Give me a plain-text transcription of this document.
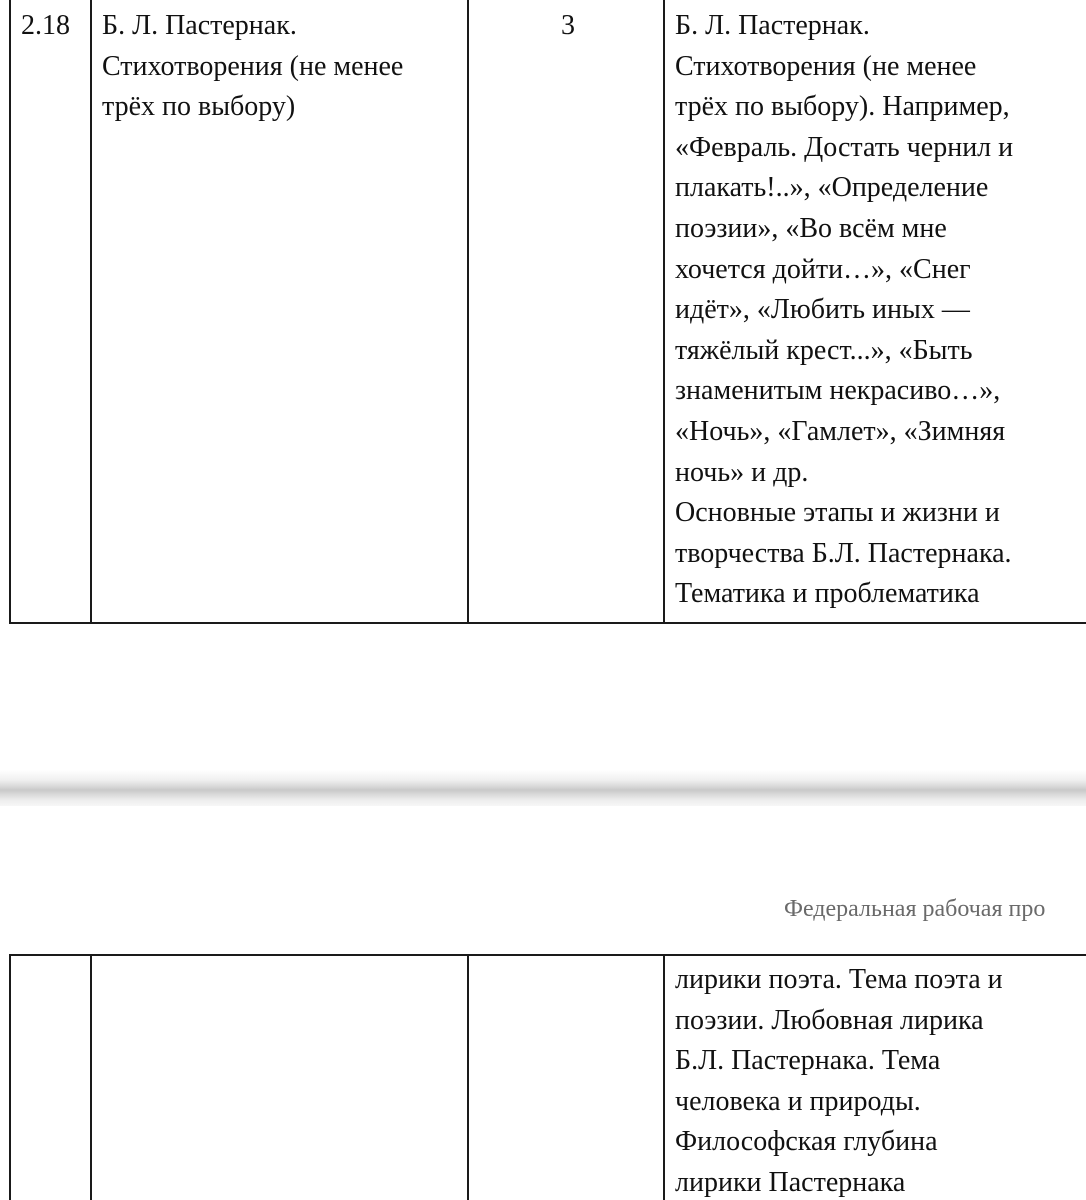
2.18	Б. Л. Пастернак.
Стихотворения (не менее
трёх по выбору)	3	Б. Л. Пастернак.
Стихотворения (не менее
трёх по выбору). Например,
«Февраль. Достать чернил и
плакать!..», «Определение
поэзии», «Во всём мне
хочется дойти…», «Снег
идёт», «Любить иных —
тяжёлый крест...», «Быть
знаменитым некрасиво…»,
«Ночь», «Гамлет», «Зимняя
ночь» и др.
Основные этапы и жизни и
творчества Б.Л. Пастернака.
Тематика и проблематика
Федеральная рабочая про
			лирики поэта. Тема поэта и
поэзии. Любовная лирика
Б.Л. Пастернака. Тема
человека и природы.
Философская глубина
лирики Пастернака
